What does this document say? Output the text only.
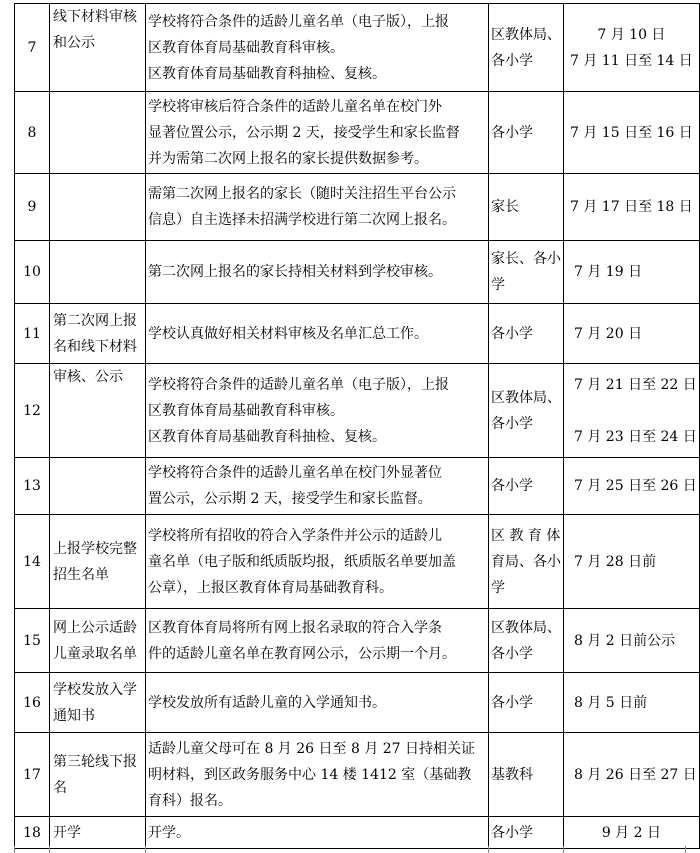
7	线下材料审核
和公示	学校将符合条件的适龄儿童名单（电子版），上报
区教育体育局基础教育科审核。
区教育体育局基础教育科抽检、复核。	区教体局、
各小学	7 月 10 日
7 月 11 日至 14 日

8		学校将审核后符合条件的适龄儿童名单在校门外
显著位置公示，公示期 2 天，接受学生和家长监督
并为需第二次网上报名的家长提供数据参考。	各小学	7 月 15 日至 16 日

9		需第二次网上报名的家长（随时关注招生平台公示
信息）自主选择未招满学校进行第二次网上报名。	家长	7 月 17 日至 18 日

10		第二次网上报名的家长持相关材料到学校审核。	家长、各小
学	7 月 19 日

11	第二次网上报
名和线下材料	学校认真做好相关材料审核及名单汇总工作。	各小学	7 月 20 日

12	审核、公示	学校将符合条件的适龄儿童名单（电子版），上报
区教育体育局基础教育科审核。
区教育体育局基础教育科抽检、复核。	区教体局、
各小学	7 月 21 日至 22 日
7 月 23 日至 24 日

13		学校将符合条件的适龄儿童名单在校门外显著位
置公示，公示期 2 天，接受学生和家长监督。	各小学	7 月 25 日至 26 日

14	上报学校完整
招生名单	学校将所有招收的符合入学条件并公示的适龄儿
童名单（电子版和纸质版均报，纸质版名单要加盖
公章），上报区教育体育局基础教育科。	区 教 育 体
育局、各小
学	7 月 28 日前

15	网上公示适龄
儿童录取名单	区教育体育局将所有网上报名录取的符合入学条
件的适龄儿童名单在教育网公示，公示期一个月。	区教体局、
各小学	8 月 2 日前公示

16	学校发放入学
通知书	学校发放所有适龄儿童的入学通知书。	各小学	8 月 5 日前

17	第三轮线下报
名	适龄儿童父母可在 8 月 26 日至 8 月 27 日持相关证
明材料，到区政务服务中心 14 楼 1412 室（基础教
育科）报名。	基教科	8 月 26 日至 27 日

18	开学	开学。	各小学	9 月 2 日
